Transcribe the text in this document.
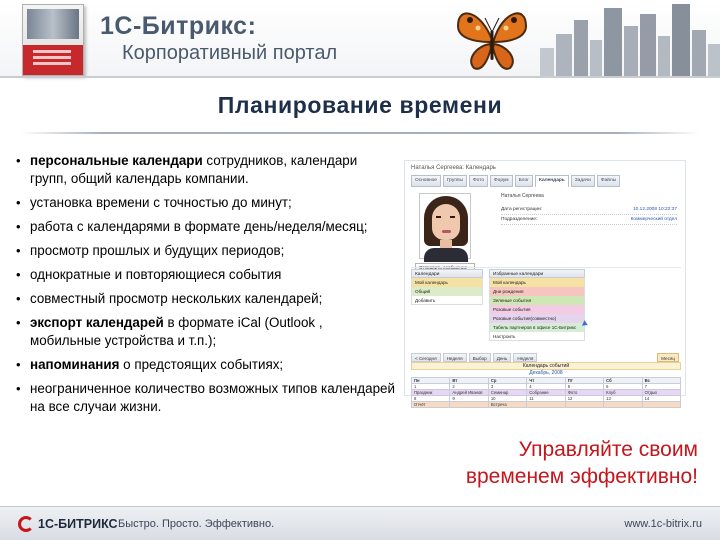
1С-Битрикс:
Корпоративный портал
Планирование времени
• персональные календари сотрудников, календари групп, общий календарь компании.
• установка времени с точностью до минут;
• работа с календарями в формате день/неделя/месяц;
• просмотр прошлых и будущих периодов;
• однократные и повторяющиеся события
• совместный просмотр нескольких календарей;
• экспорт календарей в формате iCal (Outlook , мобильные устройства и т.п.);
• напоминания о предстоящих событиях;
• неограниченное количество возможных типов календарей на все случаи жизни.
Наталья Сергеева: Календарь
Основное	Группы	Фото	Форум	Блог	Календарь	Задачи	Файлы
Наталья Сергеева
Дата регистрации:	10.12.2008 10:22:37
Подразделение:	Коммерческий отдел
Календари
Мой календарь
Общий
Добавить
Избранные календари
Мой календарь
Дни рождения
Зеленые события
Розовые события
Розовые события(совместно)
Табель партнеров в офисе 1С-Битрикс
Настроить
< Сегодня	Неделя	Выбор	День	Неделя	Месяц
Календарь событий
Декабрь, 2008
Пн	Вт	Ср	Чт	Пт	Сб	Вс
1	2	3	4	5	6	7
Праздник	Андрей Иванов	Семинар	Собрание	Фото	Клуб	Отдых
8	9	10	11	12	13	14
Отчёт	Встреча
Управляйте своим
временем эффективно!
1С-БИТРИКС Быстро. Просто. Эффективно.	www.1c-bitrix.ru
